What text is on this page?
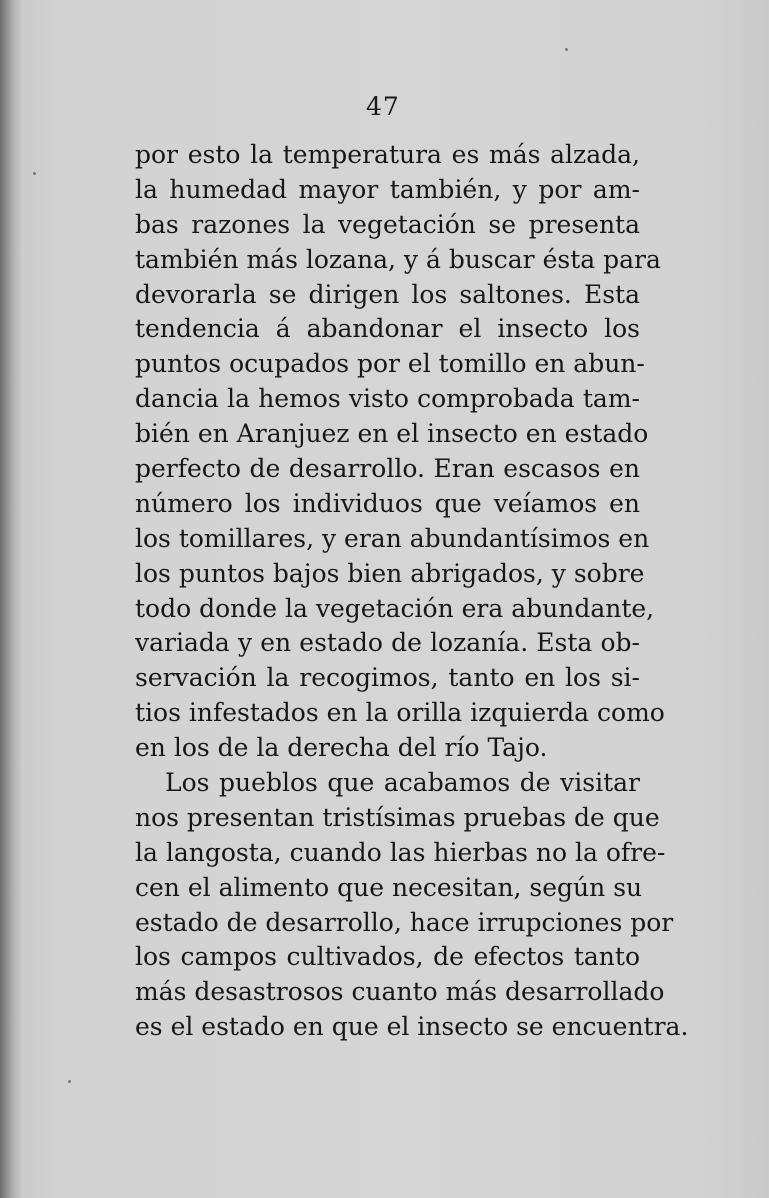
47
por esto la temperatura es más alzada,
la humedad mayor también, y por am-
bas razones la vegetación se presenta
también más lozana, y á buscar ésta para
devorarla se dirigen los saltones. Esta
tendencia á abandonar el insecto los
puntos ocupados por el tomillo en abun-
dancia la hemos visto comprobada tam-
bién en Aranjuez en el insecto en estado
perfecto de desarrollo. Eran escasos en
número los individuos que veíamos en
los tomillares, y eran abundantísimos en
los puntos bajos bien abrigados, y sobre
todo donde la vegetación era abundante,
variada y en estado de lozanía. Esta ob-
servación la recogimos, tanto en los si-
tios infestados en la orilla izquierda como
en los de la derecha del río Tajo.
Los pueblos que acabamos de visitar
nos presentan tristísimas pruebas de que
la langosta, cuando las hierbas no la ofre-
cen el alimento que necesitan, según su
estado de desarrollo, hace irrupciones por
los campos cultivados, de efectos tanto
más desastrosos cuanto más desarrollado
es el estado en que el insecto se encuentra.
